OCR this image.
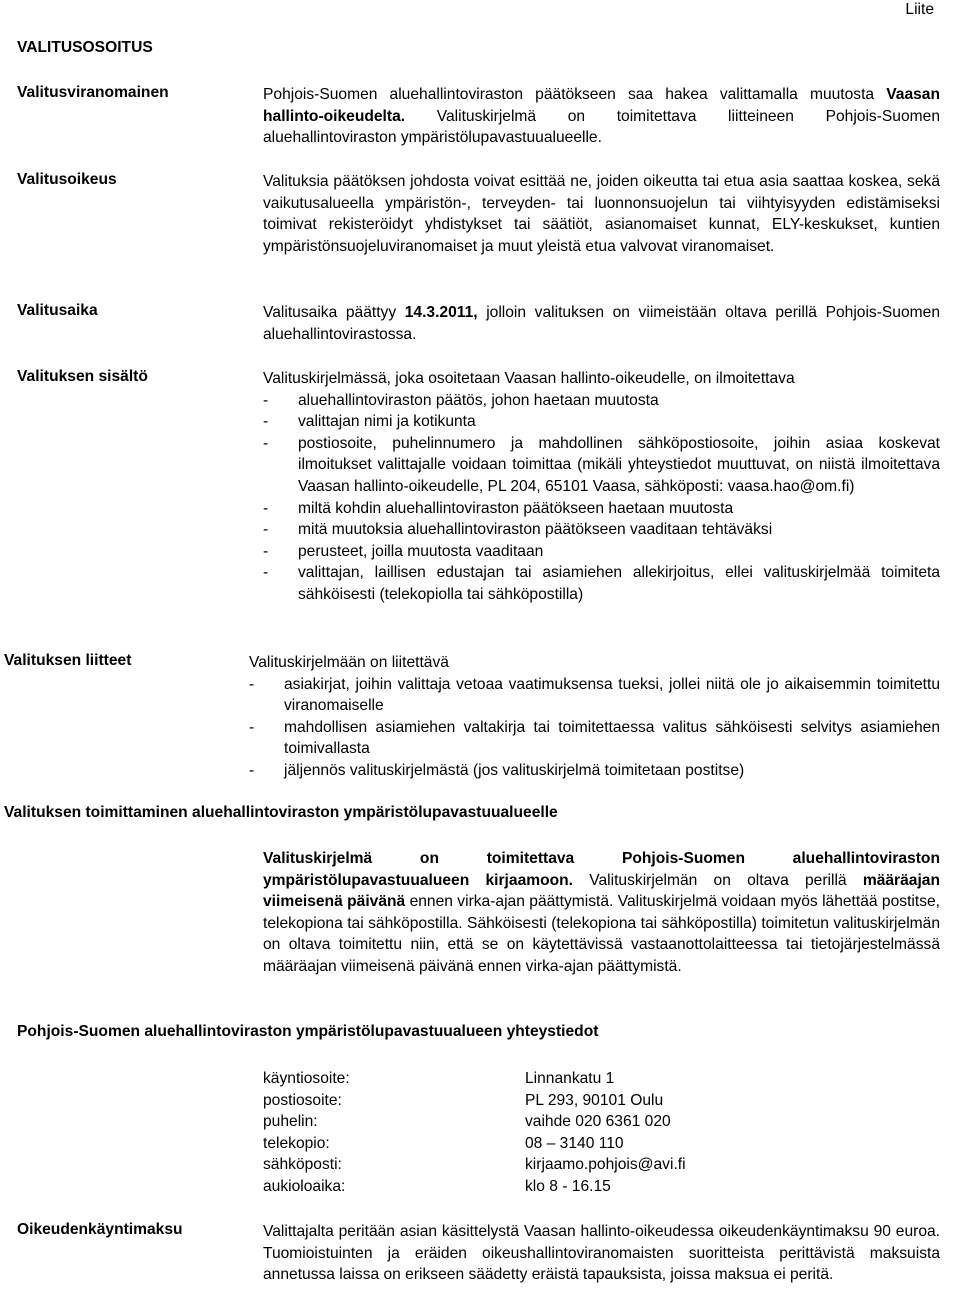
Liite
VALITUSOSOITUS
Valitusviranomainen	Pohjois-Suomen aluehallintoviraston päätökseen saa hakea valittamalla muutosta Vaasan hallinto-oikeudelta. Valituskirjelmä on toimitettava liitteineen Pohjois-Suomen aluehallintoviraston ympäristölupavastuualueelle.
Valitusoikeus	Valituksia päätöksen johdosta voivat esittää ne, joiden oikeutta tai etua asia saattaa koskea, sekä vaikutusalueella ympäristön-, terveyden- tai luonnonsuojelun tai viihtyisyyden edistämiseksi toimivat rekisteröidyt yhdistykset tai säätiöt, asianomaiset kunnat, ELY-keskukset, kuntien ympäristönsuojeluviranomaiset ja muut yleistä etua valvovat viranomaiset.
Valitusaika	Valitusaika päättyy 14.3.2011, jolloin valituksen on viimeistään oltava perillä Pohjois-Suomen aluehallintovirastossa.
Valituksen sisältö	Valituskirjelmässä, joka osoitetaan Vaasan hallinto-oikeudelle, on ilmoitettava
- aluehallintoviraston päätös, johon haetaan muutosta
- valittajan nimi ja kotikunta
- postiosoite, puhelinnumero ja mahdollinen sähköpostiosoite, joihin asiaa koskevat ilmoitukset valittajalle voidaan toimittaa (mikäli yhteystiedot muuttuvat, on niistä ilmoitettava Vaasan hallinto-oikeudelle, PL 204, 65101 Vaasa, sähköposti: vaasa.hao@om.fi)
- miltä kohdin aluehallintoviraston päätökseen haetaan muutosta
- mitä muutoksia aluehallintoviraston päätökseen vaaditaan tehtäväksi
- perusteet, joilla muutosta vaaditaan
- valittajan, laillisen edustajan tai asiamiehen allekirjoitus, ellei valituskirjelmää toimiteta sähköisesti (telekopiolla tai sähköpostilla)
Valituksen liitteet	Valituskirjelmään on liitettävä
- asiakirjat, joihin valittaja vetoaa vaatimuksensa tueksi, jollei niitä ole jo aikaisemmin toimitettu viranomaiselle
- mahdollisen asiamiehen valtakirja tai toimitettaessa valitus sähköisesti selvitys asiamiehen toimivallasta
- jäljennös valituskirjelmästä (jos valituskirjelmä toimitetaan postitse)
Valituksen toimittaminen aluehallintoviraston ympäristölupavastuualueelle
Valituskirjelmä on toimitettava Pohjois-Suomen aluehallintoviraston ympäristölupavastuualueen kirjaamoon. Valituskirjelmän on oltava perillä määräajan viimeisenä päivänä ennen virka-ajan päättymistä. Valituskirjelmä voidaan myös lähettää postitse, telekopiona tai sähköpostilla. Sähköisesti (telekopiona tai sähköpostilla) toimitetun valituskirjelmän on oltava toimitettu niin, että se on käytettävissä vastaanottolaitteessa tai tietojärjestelmässä määräajan viimeisenä päivänä ennen virka-ajan päättymistä.
Pohjois-Suomen aluehallintoviraston ympäristölupavastuualueen yhteystiedot
käyntiosoite:	Linnankatu 1
postiosoite:	PL 293, 90101 Oulu
puhelin:	vaihde 020 6361 020
telekopio:	08 – 3140 110
sähköposti:	kirjaamo.pohjois@avi.fi
aukioloaika:	klo 8 - 16.15
Oikeudenkäyntimaksu	Valittajalta peritään asian käsittelystä Vaasan hallinto-oikeudessa oikeudenkäyntimaksu 90 euroa. Tuomioistuinten ja eräiden oikeushallintoviranomaisten suoritteista perittävistä maksuista annetussa laissa on erikseen säädetty eräistä tapauksista, joissa maksua ei peritä.
